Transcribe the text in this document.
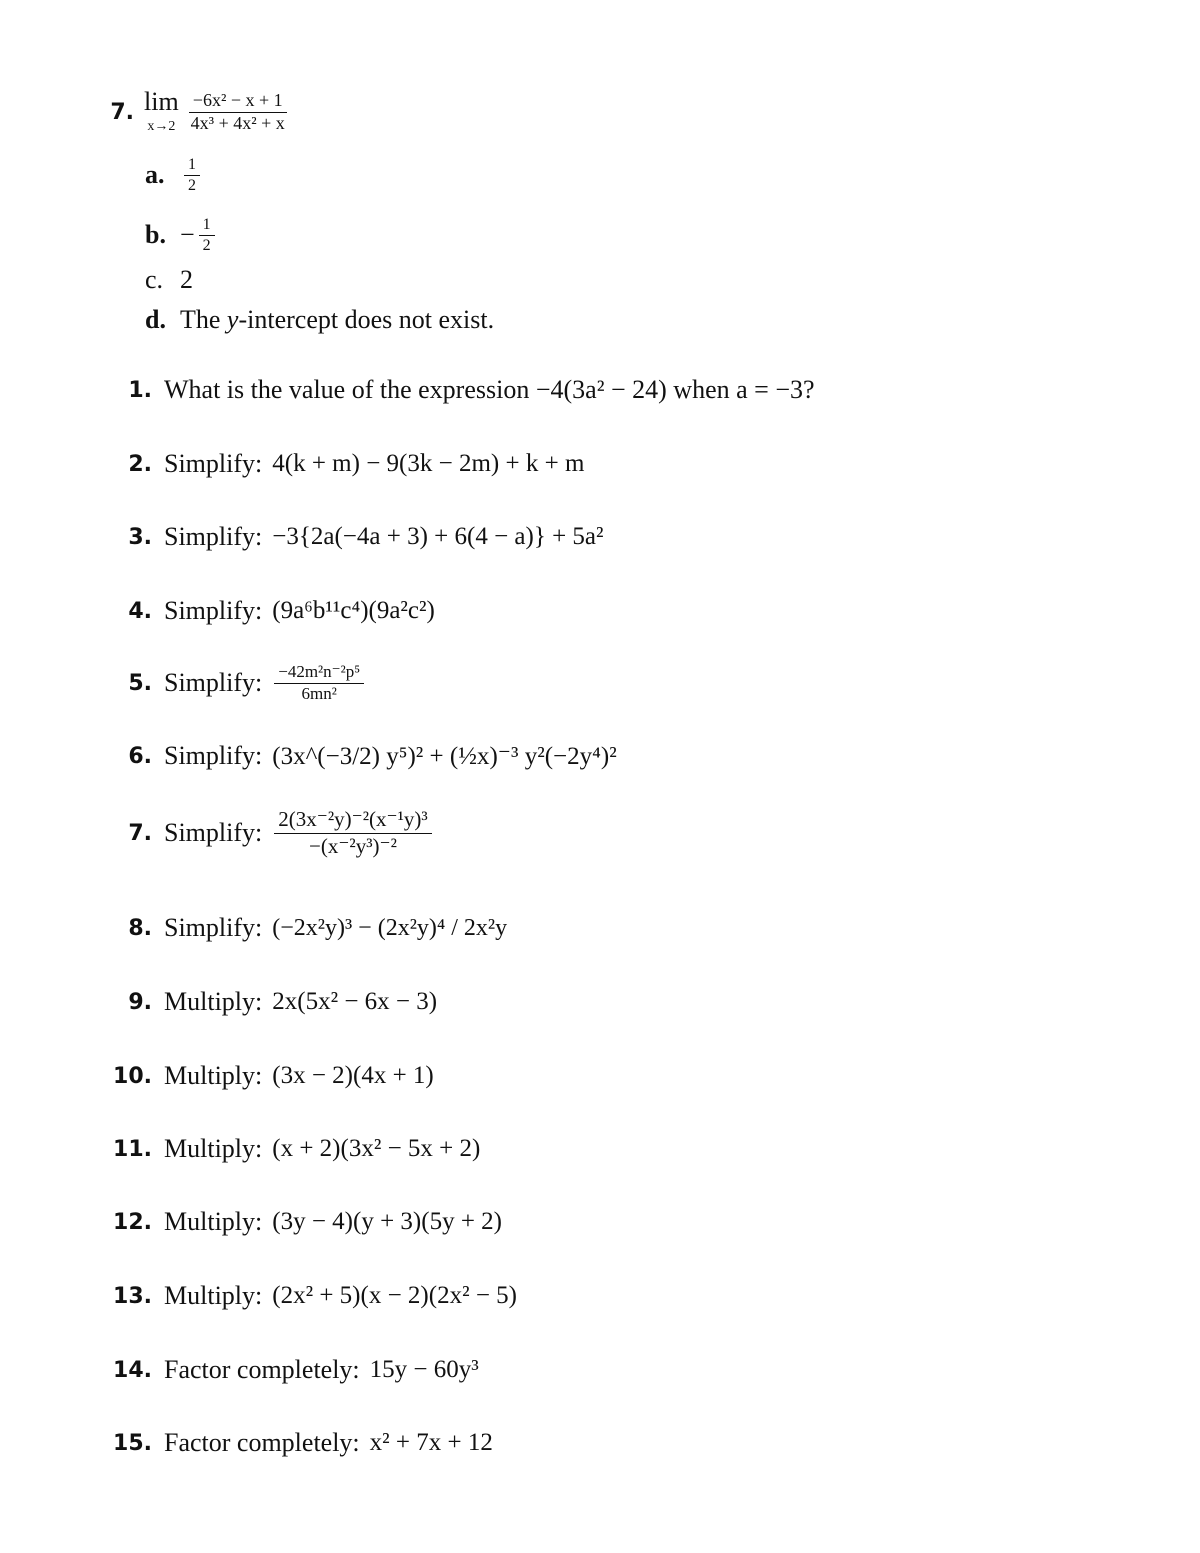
7. lim
$x\to 2 \frac{\text{−6x² − x + 1}}{\text{4x³ + 4x² + x}}$
a.	$\frac{1}{2}$
b. − $\frac{1}{2}$
c. 2
d. The y -intercept does not exist.
1. What is the value of the expression −4(3a² − 24) when a = −3?
2. Simplify: 4(k + m) − 9(3k − 2m) + k + m
3. Simplify: −3{2a(−4a + 3) + 6(4 − a)} + 5a²
4. Simplify: (9a⁶b¹¹c⁴)(9a²c²)
5. Simplify: $\frac{\text{−42m²n⁻²p⁵}}{\text{6mn²}}$
6. Simplify: (3x^(−3/2) y⁵)² + (½x)⁻³ y²(−2y⁴)²
7. Simplify: $\frac{\text{2(3x⁻²y)⁻²(x⁻¹y)³}}{\text{−(x⁻²y³)⁻²}}$
8. Simplify: (−2x²y)³ − (2x²y)⁴ / 2x²y
9. Multiply: 2x(5x² − 6x − 3)
10. Multiply: (3x − 2)(4x + 1)
11. Multiply: (x + 2)(3x² − 5x + 2)
12. Multiply: (3y − 4)(y + 3)(5y + 2)
13. Multiply: (2x² + 5)(x − 2)(2x² − 5)
14. Factor completely: 15y − 60y³
15. Factor completely: x² + 7x + 12
